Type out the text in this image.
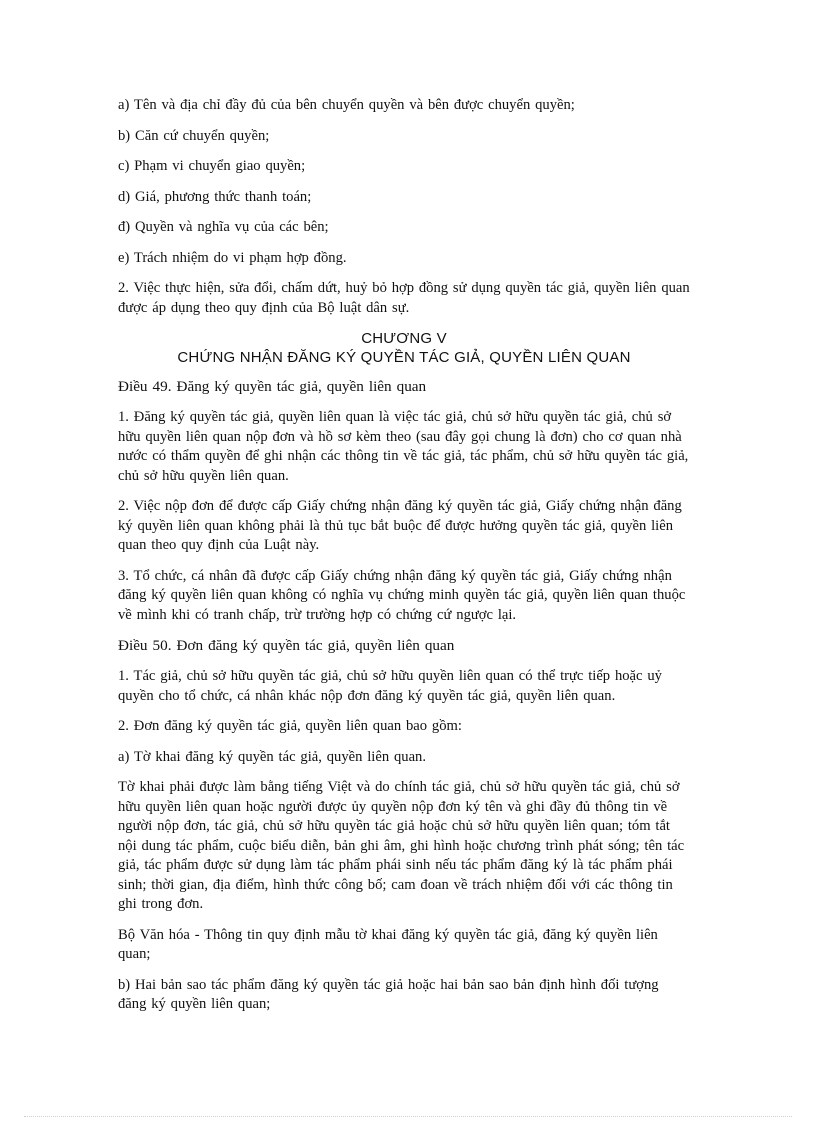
a) Tên và địa chỉ đầy đủ của bên chuyển quyền và bên được chuyển quyền;

b) Căn cứ chuyển quyền;

c) Phạm vi chuyển giao quyền;

d) Giá, phương thức thanh toán;

đ) Quyền và nghĩa vụ của các bên;

e) Trách nhiệm do vi phạm hợp đồng.

2. Việc thực hiện, sửa đổi, chấm dứt, huỷ bỏ hợp đồng sử dụng quyền tác giả, quyền liên quan được áp dụng theo quy định của Bộ luật dân sự.

CHƯƠNG V
CHỨNG NHẬN ĐĂNG KÝ QUYỀN TÁC GIẢ, QUYỀN LIÊN QUAN

Điều 49. Đăng ký quyền tác giả, quyền liên quan

1. Đăng ký quyền tác giả, quyền liên quan là việc tác giả, chủ sở hữu quyền tác giả, chủ sở hữu quyền liên quan nộp đơn và hồ sơ kèm theo (sau đây gọi chung là đơn) cho cơ quan nhà nước có thẩm quyền để ghi nhận các thông tin về tác giả, tác phẩm, chủ sở hữu quyền tác giả, chủ sở hữu quyền liên quan.

2. Việc nộp đơn để được cấp Giấy chứng nhận đăng ký quyền tác giả, Giấy chứng nhận đăng ký quyền liên quan không phải là thủ tục bắt buộc để được hưởng quyền tác giả, quyền liên quan theo quy định của Luật này.

3. Tổ chức, cá nhân đã được cấp Giấy chứng nhận đăng ký quyền tác giả, Giấy chứng nhận đăng ký quyền liên quan không có nghĩa vụ chứng minh quyền tác giả, quyền liên quan thuộc về mình khi có tranh chấp, trừ trường hợp có chứng cứ ngược lại.

Điều 50. Đơn đăng ký quyền tác giả, quyền liên quan

1. Tác giả, chủ sở hữu quyền tác giả, chủ sở hữu quyền liên quan có thể trực tiếp hoặc uỷ quyền cho tổ chức, cá nhân khác nộp đơn đăng ký quyền tác giả, quyền liên quan.

2. Đơn đăng ký quyền tác giả, quyền liên quan bao gồm:

a) Tờ khai đăng ký quyền tác giả, quyền liên quan.

Tờ khai phải được làm bằng tiếng Việt và do chính tác giả, chủ sở hữu quyền tác giả, chủ sở hữu quyền liên quan hoặc người được ủy quyền nộp đơn ký tên và ghi đầy đủ thông tin về người nộp đơn, tác giả, chủ sở hữu quyền tác giả hoặc chủ sở hữu quyền liên quan; tóm tắt nội dung tác phẩm, cuộc biểu diễn, bản ghi âm, ghi hình hoặc chương trình phát sóng; tên tác giả, tác phẩm được sử dụng làm tác phẩm phái sinh nếu tác phẩm đăng ký là tác phẩm phái sinh; thời gian, địa điểm, hình thức công bố; cam đoan về trách nhiệm đối với các thông tin ghi trong đơn.

Bộ Văn hóa - Thông tin quy định mẫu tờ khai đăng ký quyền tác giả, đăng ký quyền liên quan;

b) Hai bản sao tác phẩm đăng ký quyền tác giả hoặc hai bản sao bản định hình đối tượng đăng ký quyền liên quan;
